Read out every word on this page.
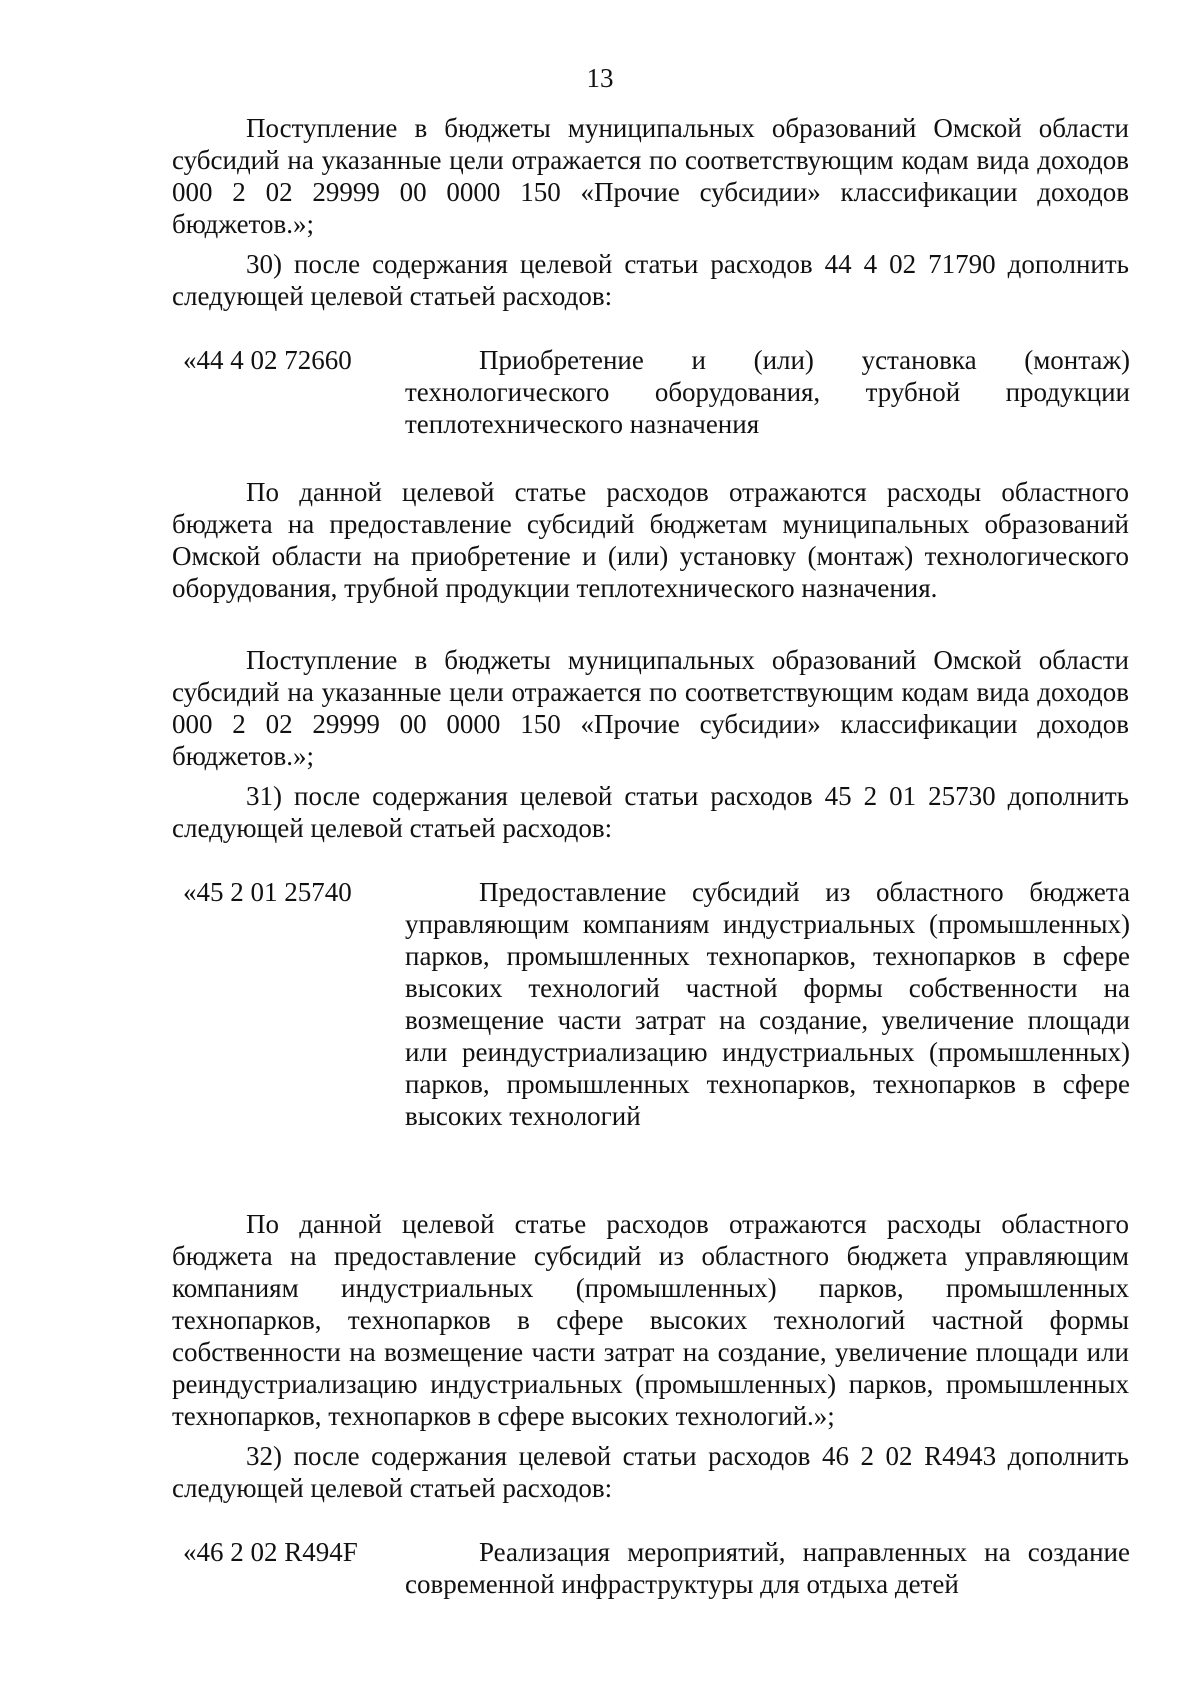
13

Поступление в бюджеты муниципальных образований Омской области субсидий на указанные цели отражается по соответствующим кодам вида доходов 000 2 02 29999 00 0000 150 «Прочие субсидии» классификации доходов бюджетов.»;

30) после содержания целевой статьи расходов 44 4 02 71790 дополнить следующей целевой статьей расходов:

«44 4 02 72660	Приобретение и (или) установка (монтаж) технологического оборудования, трубной продукции теплотехнического назначения

По данной целевой статье расходов отражаются расходы областного бюджета на предоставление субсидий бюджетам муниципальных образований Омской области на приобретение и (или) установку (монтаж) технологического оборудования, трубной продукции теплотехнического назначения.

Поступление в бюджеты муниципальных образований Омской области субсидий на указанные цели отражается по соответствующим кодам вида доходов 000 2 02 29999 00 0000 150 «Прочие субсидии» классификации доходов бюджетов.»;

31) после содержания целевой статьи расходов 45 2 01 25730 дополнить следующей целевой статьей расходов:

«45 2 01 25740	Предоставление субсидий из областного бюджета управляющим компаниям индустриальных (промышленных) парков, промышленных технопарков, технопарков в сфере высоких технологий частной формы собственности на возмещение части затрат на создание, увеличение площади или реиндустриализацию индустриальных (промышленных) парков, промышленных технопарков, технопарков в сфере высоких технологий

По данной целевой статье расходов отражаются расходы областного бюджета на предоставление субсидий из областного бюджета управляющим компаниям индустриальных (промышленных) парков, промышленных технопарков, технопарков в сфере высоких технологий частной формы собственности на возмещение части затрат на создание, увеличение площади или реиндустриализацию индустриальных (промышленных) парков, промышленных технопарков, технопарков в сфере высоких технологий.»;

32) после содержания целевой статьи расходов 46 2 02 R4943 дополнить следующей целевой статьей расходов:

«46 2 02 R494F	Реализация мероприятий, направленных на создание современной инфраструктуры для отдыха детей
